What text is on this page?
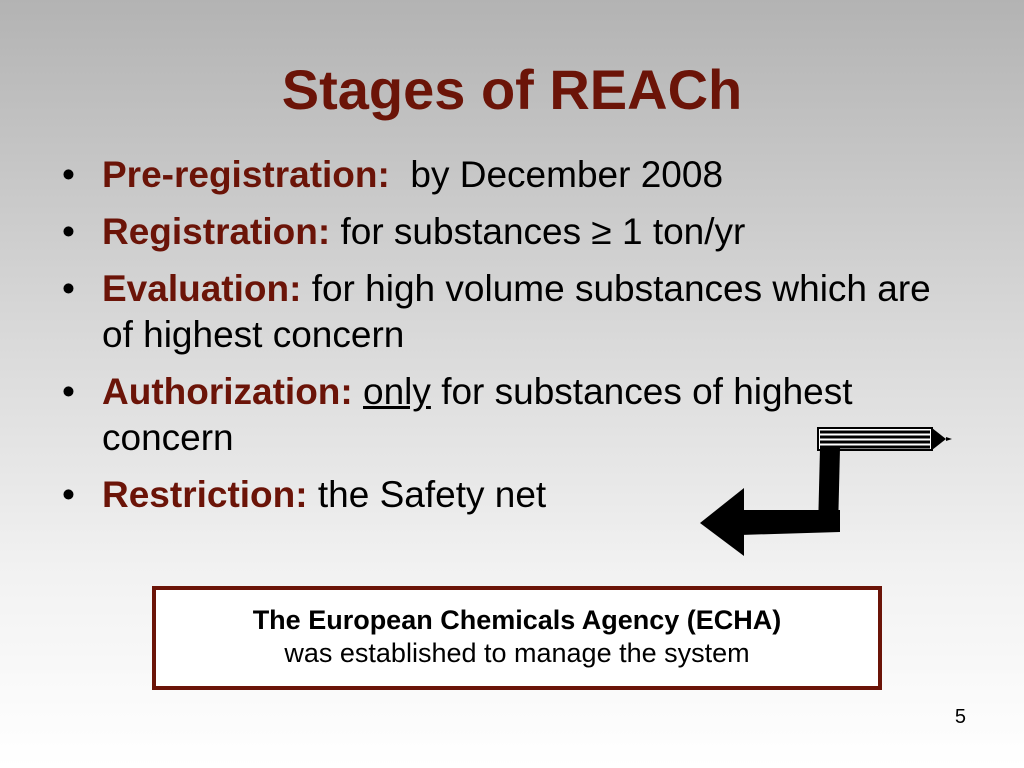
Stages of REACh
• Pre-registration: by December 2008
• Registration: for substances ≥ 1 ton/yr
• Evaluation: for high volume substances which are of highest concern
• Authorization: only for substances of highest concern
• Restriction: the Safety net
The European Chemicals Agency (ECHA)
was established to manage the system
5
